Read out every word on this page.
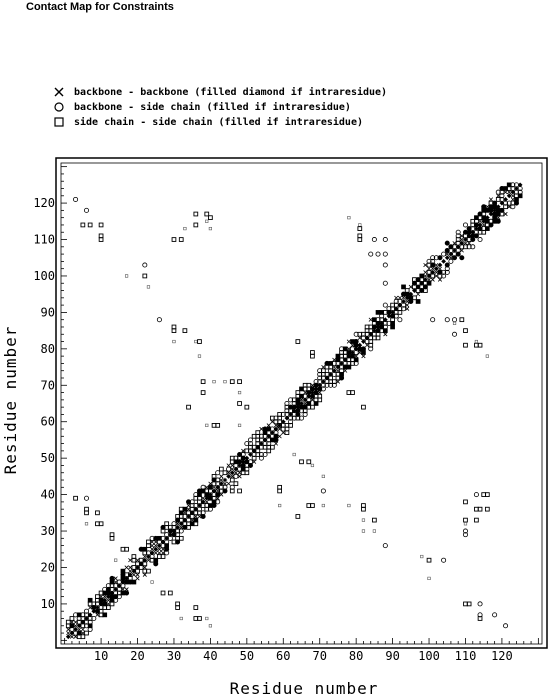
Contact Map for Constraints
backbone - backbone (filled diamond if intraresidue)
backbone - side chain (filled if intraresidue)
side chain - side chain (filled if intraresidue)
10 20 30 40 50 60 70 80 90 100 110 120
10
20
30
40
50
60
70
80
90
100
110
120
Residue number
Residue number
